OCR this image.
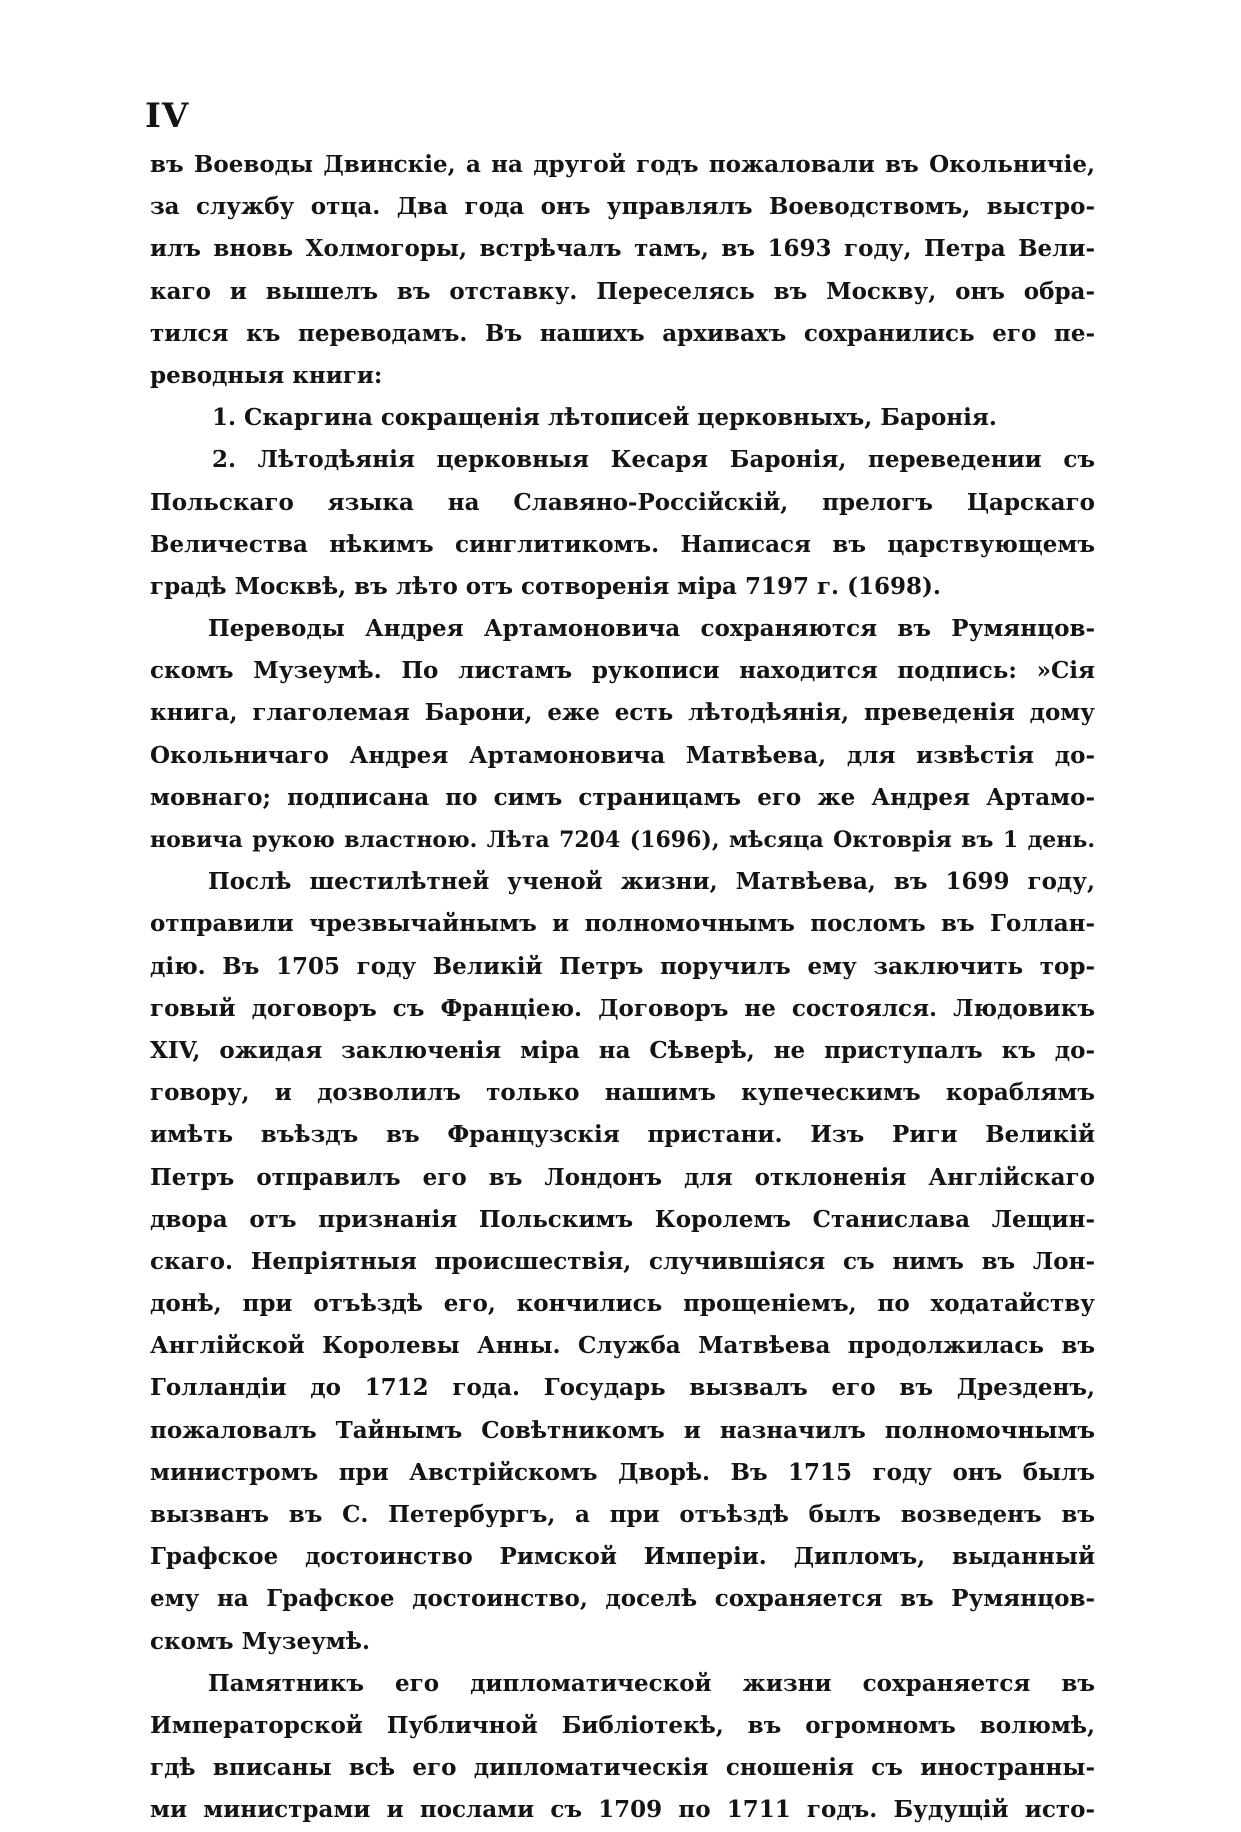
IV
въ Воеводы Двинскіе, а на другой годъ пожаловали въ Окольничіе,
за службу отца. Два года онъ управлялъ Воеводствомъ, выстро-
илъ вновь Холмогоры, встрѣчалъ тамъ, въ 1693 году, Петра Вели-
каго и вышелъ въ отставку. Переселясь въ Москву, онъ обра-
тился къ переводамъ. Въ нашихъ архивахъ сохранились его пе-
реводныя книги:
1. Скаргина сокращенія лѣтописей церковныхъ, Баронія.
2. Лѣтодѣянія церковныя Кесаря Баронія, переведении съ
Польскаго языка на Славяно-Россійскій, прелогъ Царскаго
Величества нѣкимъ синглитикомъ. Написася въ царствующемъ
градѣ Москвѣ, въ лѣто отъ сотворенія міра 7197 г. (1698).
Переводы Андрея Артамоновича сохраняются въ Румянцов-
скомъ Музеумѣ. По листамъ рукописи находится подпись: »Сія
книга, глаголемая Барони, еже есть лѣтодѣянія, преведенія дому
Окольничаго Андрея Артамоновича Матвѣева, для извѣстія до-
мовнаго; подписана по симъ страницамъ его же Андрея Артамо-
новича рукою властною. Лѣта 7204 (1696), мѣсяца Октоврія въ 1 день.
Послѣ шестилѣтней ученой жизни, Матвѣева, въ 1699 году,
отправили чрезвычайнымъ и полномочнымъ посломъ въ Голлан-
дію. Въ 1705 году Великій Петръ поручилъ ему заключить тор-
говый договоръ съ Франціею. Договоръ не состоялся. Людовикъ
XIV, ожидая заключенія міра на Сѣверѣ, не приступалъ къ до-
говору, и дозволилъ только нашимъ купеческимъ кораблямъ
имѣть въѣздъ въ Французскія пристани. Изъ Риги Великій
Петръ отправилъ его въ Лондонъ для отклоненія Англійскаго
двора отъ признанія Польскимъ Королемъ Станислава Лещин-
скаго. Непріятныя происшествія, случившіяся съ нимъ въ Лон-
донѣ, при отъѣздѣ его, кончились прощеніемъ, по ходатайству
Англійской Королевы Анны. Служба Матвѣева продолжилась въ
Голландіи до 1712 года. Государь вызвалъ его въ Дрезденъ,
пожаловалъ Тайнымъ Совѣтникомъ и назначилъ полномочнымъ
министромъ при Австрійскомъ Дворѣ. Въ 1715 году онъ былъ
вызванъ въ С. Петербургъ, а при отъѣздѣ былъ возведенъ въ
Графское достоинство Римской Имперіи. Дипломъ, выданный
ему на Графское достоинство, доселѣ сохраняется въ Румянцов-
скомъ Музеумѣ.
Памятникъ его дипломатической жизни сохраняется въ
Императорской Публичной Библіотекѣ, въ огромномъ волюмѣ,
гдѣ вписаны всѣ его дипломатическія сношенія съ иностранны-
ми министрами и послами съ 1709 по 1711 годъ. Будущій исто-
